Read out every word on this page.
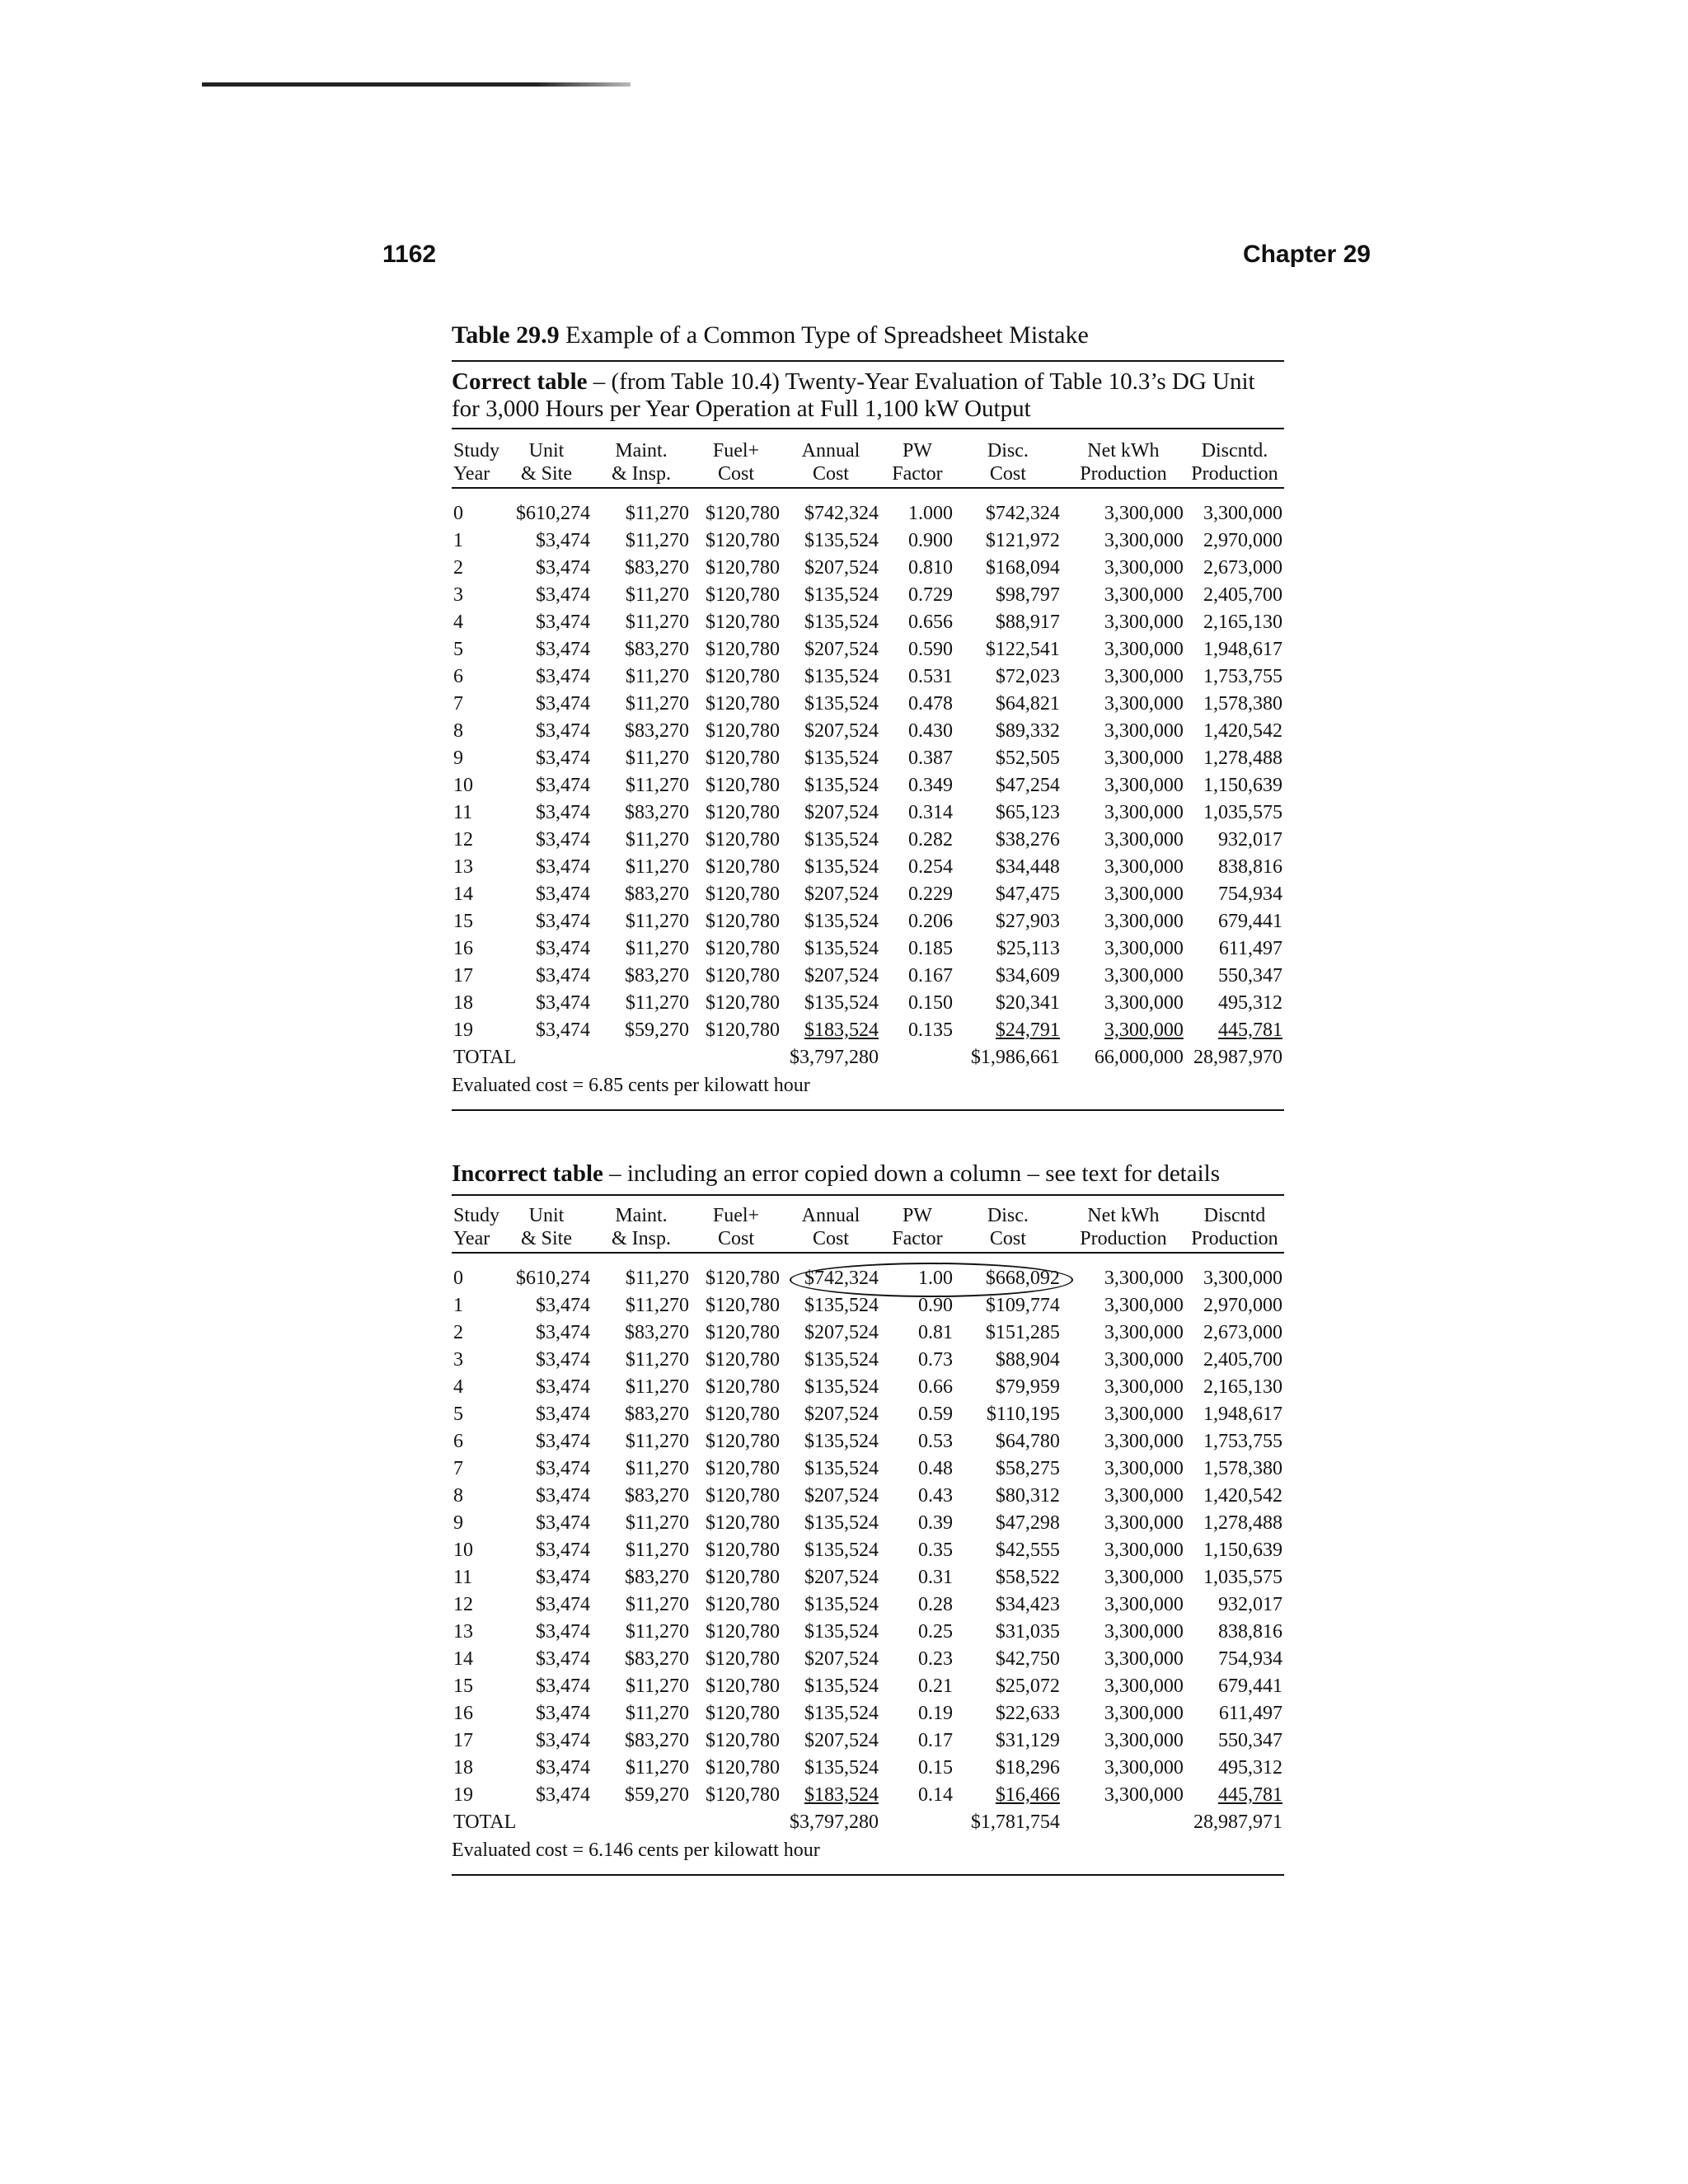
1162	Chapter 29
Table 29.9 Example of a Common Type of Spreadsheet Mistake
Correct table – (from Table 10.4) Twenty-Year Evaluation of Table 10.3’s DG Unit for 3,000 Hours per Year Operation at Full 1,100 kW Output
Study	Unit	Maint.	Fuel+	Annual	PW	Disc.	Net kWh	Discntd.
Year	& Site	& Insp.	Cost	Cost	Factor	Cost	Production	Production
0	$610,274	$11,270	$120,780	$742,324	1.000	$742,324	3,300,000	3,300,000
1	$3,474	$11,270	$120,780	$135,524	0.900	$121,972	3,300,000	2,970,000
2	$3,474	$83,270	$120,780	$207,524	0.810	$168,094	3,300,000	2,673,000
3	$3,474	$11,270	$120,780	$135,524	0.729	$98,797	3,300,000	2,405,700
4	$3,474	$11,270	$120,780	$135,524	0.656	$88,917	3,300,000	2,165,130
5	$3,474	$83,270	$120,780	$207,524	0.590	$122,541	3,300,000	1,948,617
6	$3,474	$11,270	$120,780	$135,524	0.531	$72,023	3,300,000	1,753,755
7	$3,474	$11,270	$120,780	$135,524	0.478	$64,821	3,300,000	1,578,380
8	$3,474	$83,270	$120,780	$207,524	0.430	$89,332	3,300,000	1,420,542
9	$3,474	$11,270	$120,780	$135,524	0.387	$52,505	3,300,000	1,278,488
10	$3,474	$11,270	$120,780	$135,524	0.349	$47,254	3,300,000	1,150,639
11	$3,474	$83,270	$120,780	$207,524	0.314	$65,123	3,300,000	1,035,575
12	$3,474	$11,270	$120,780	$135,524	0.282	$38,276	3,300,000	932,017
13	$3,474	$11,270	$120,780	$135,524	0.254	$34,448	3,300,000	838,816
14	$3,474	$83,270	$120,780	$207,524	0.229	$47,475	3,300,000	754,934
15	$3,474	$11,270	$120,780	$135,524	0.206	$27,903	3,300,000	679,441
16	$3,474	$11,270	$120,780	$135,524	0.185	$25,113	3,300,000	611,497
17	$3,474	$83,270	$120,780	$207,524	0.167	$34,609	3,300,000	550,347
18	$3,474	$11,270	$120,780	$135,524	0.150	$20,341	3,300,000	495,312
19	$3,474	$59,270	$120,780	$183,524	0.135	$24,791	3,300,000	445,781
TOTAL				$3,797,280		$1,986,661	66,000,000	28,987,970
Evaluated cost = 6.85 cents per kilowatt hour
Incorrect table – including an error copied down a column – see text for details
Study	Unit	Maint.	Fuel+	Annual	PW	Disc.	Net kWh	Discntd
Year	& Site	& Insp.	Cost	Cost	Factor	Cost	Production	Production
0	$610,274	$11,270	$120,780	$742,324	1.00	$668,092	3,300,000	3,300,000
1	$3,474	$11,270	$120,780	$135,524	0.90	$109,774	3,300,000	2,970,000
2	$3,474	$83,270	$120,780	$207,524	0.81	$151,285	3,300,000	2,673,000
3	$3,474	$11,270	$120,780	$135,524	0.73	$88,904	3,300,000	2,405,700
4	$3,474	$11,270	$120,780	$135,524	0.66	$79,959	3,300,000	2,165,130
5	$3,474	$83,270	$120,780	$207,524	0.59	$110,195	3,300,000	1,948,617
6	$3,474	$11,270	$120,780	$135,524	0.53	$64,780	3,300,000	1,753,755
7	$3,474	$11,270	$120,780	$135,524	0.48	$58,275	3,300,000	1,578,380
8	$3,474	$83,270	$120,780	$207,524	0.43	$80,312	3,300,000	1,420,542
9	$3,474	$11,270	$120,780	$135,524	0.39	$47,298	3,300,000	1,278,488
10	$3,474	$11,270	$120,780	$135,524	0.35	$42,555	3,300,000	1,150,639
11	$3,474	$83,270	$120,780	$207,524	0.31	$58,522	3,300,000	1,035,575
12	$3,474	$11,270	$120,780	$135,524	0.28	$34,423	3,300,000	932,017
13	$3,474	$11,270	$120,780	$135,524	0.25	$31,035	3,300,000	838,816
14	$3,474	$83,270	$120,780	$207,524	0.23	$42,750	3,300,000	754,934
15	$3,474	$11,270	$120,780	$135,524	0.21	$25,072	3,300,000	679,441
16	$3,474	$11,270	$120,780	$135,524	0.19	$22,633	3,300,000	611,497
17	$3,474	$83,270	$120,780	$207,524	0.17	$31,129	3,300,000	550,347
18	$3,474	$11,270	$120,780	$135,524	0.15	$18,296	3,300,000	495,312
19	$3,474	$59,270	$120,780	$183,524	0.14	$16,466	3,300,000	445,781
TOTAL				$3,797,280		$1,781,754		28,987,971
Evaluated cost = 6.146 cents per kilowatt hour
